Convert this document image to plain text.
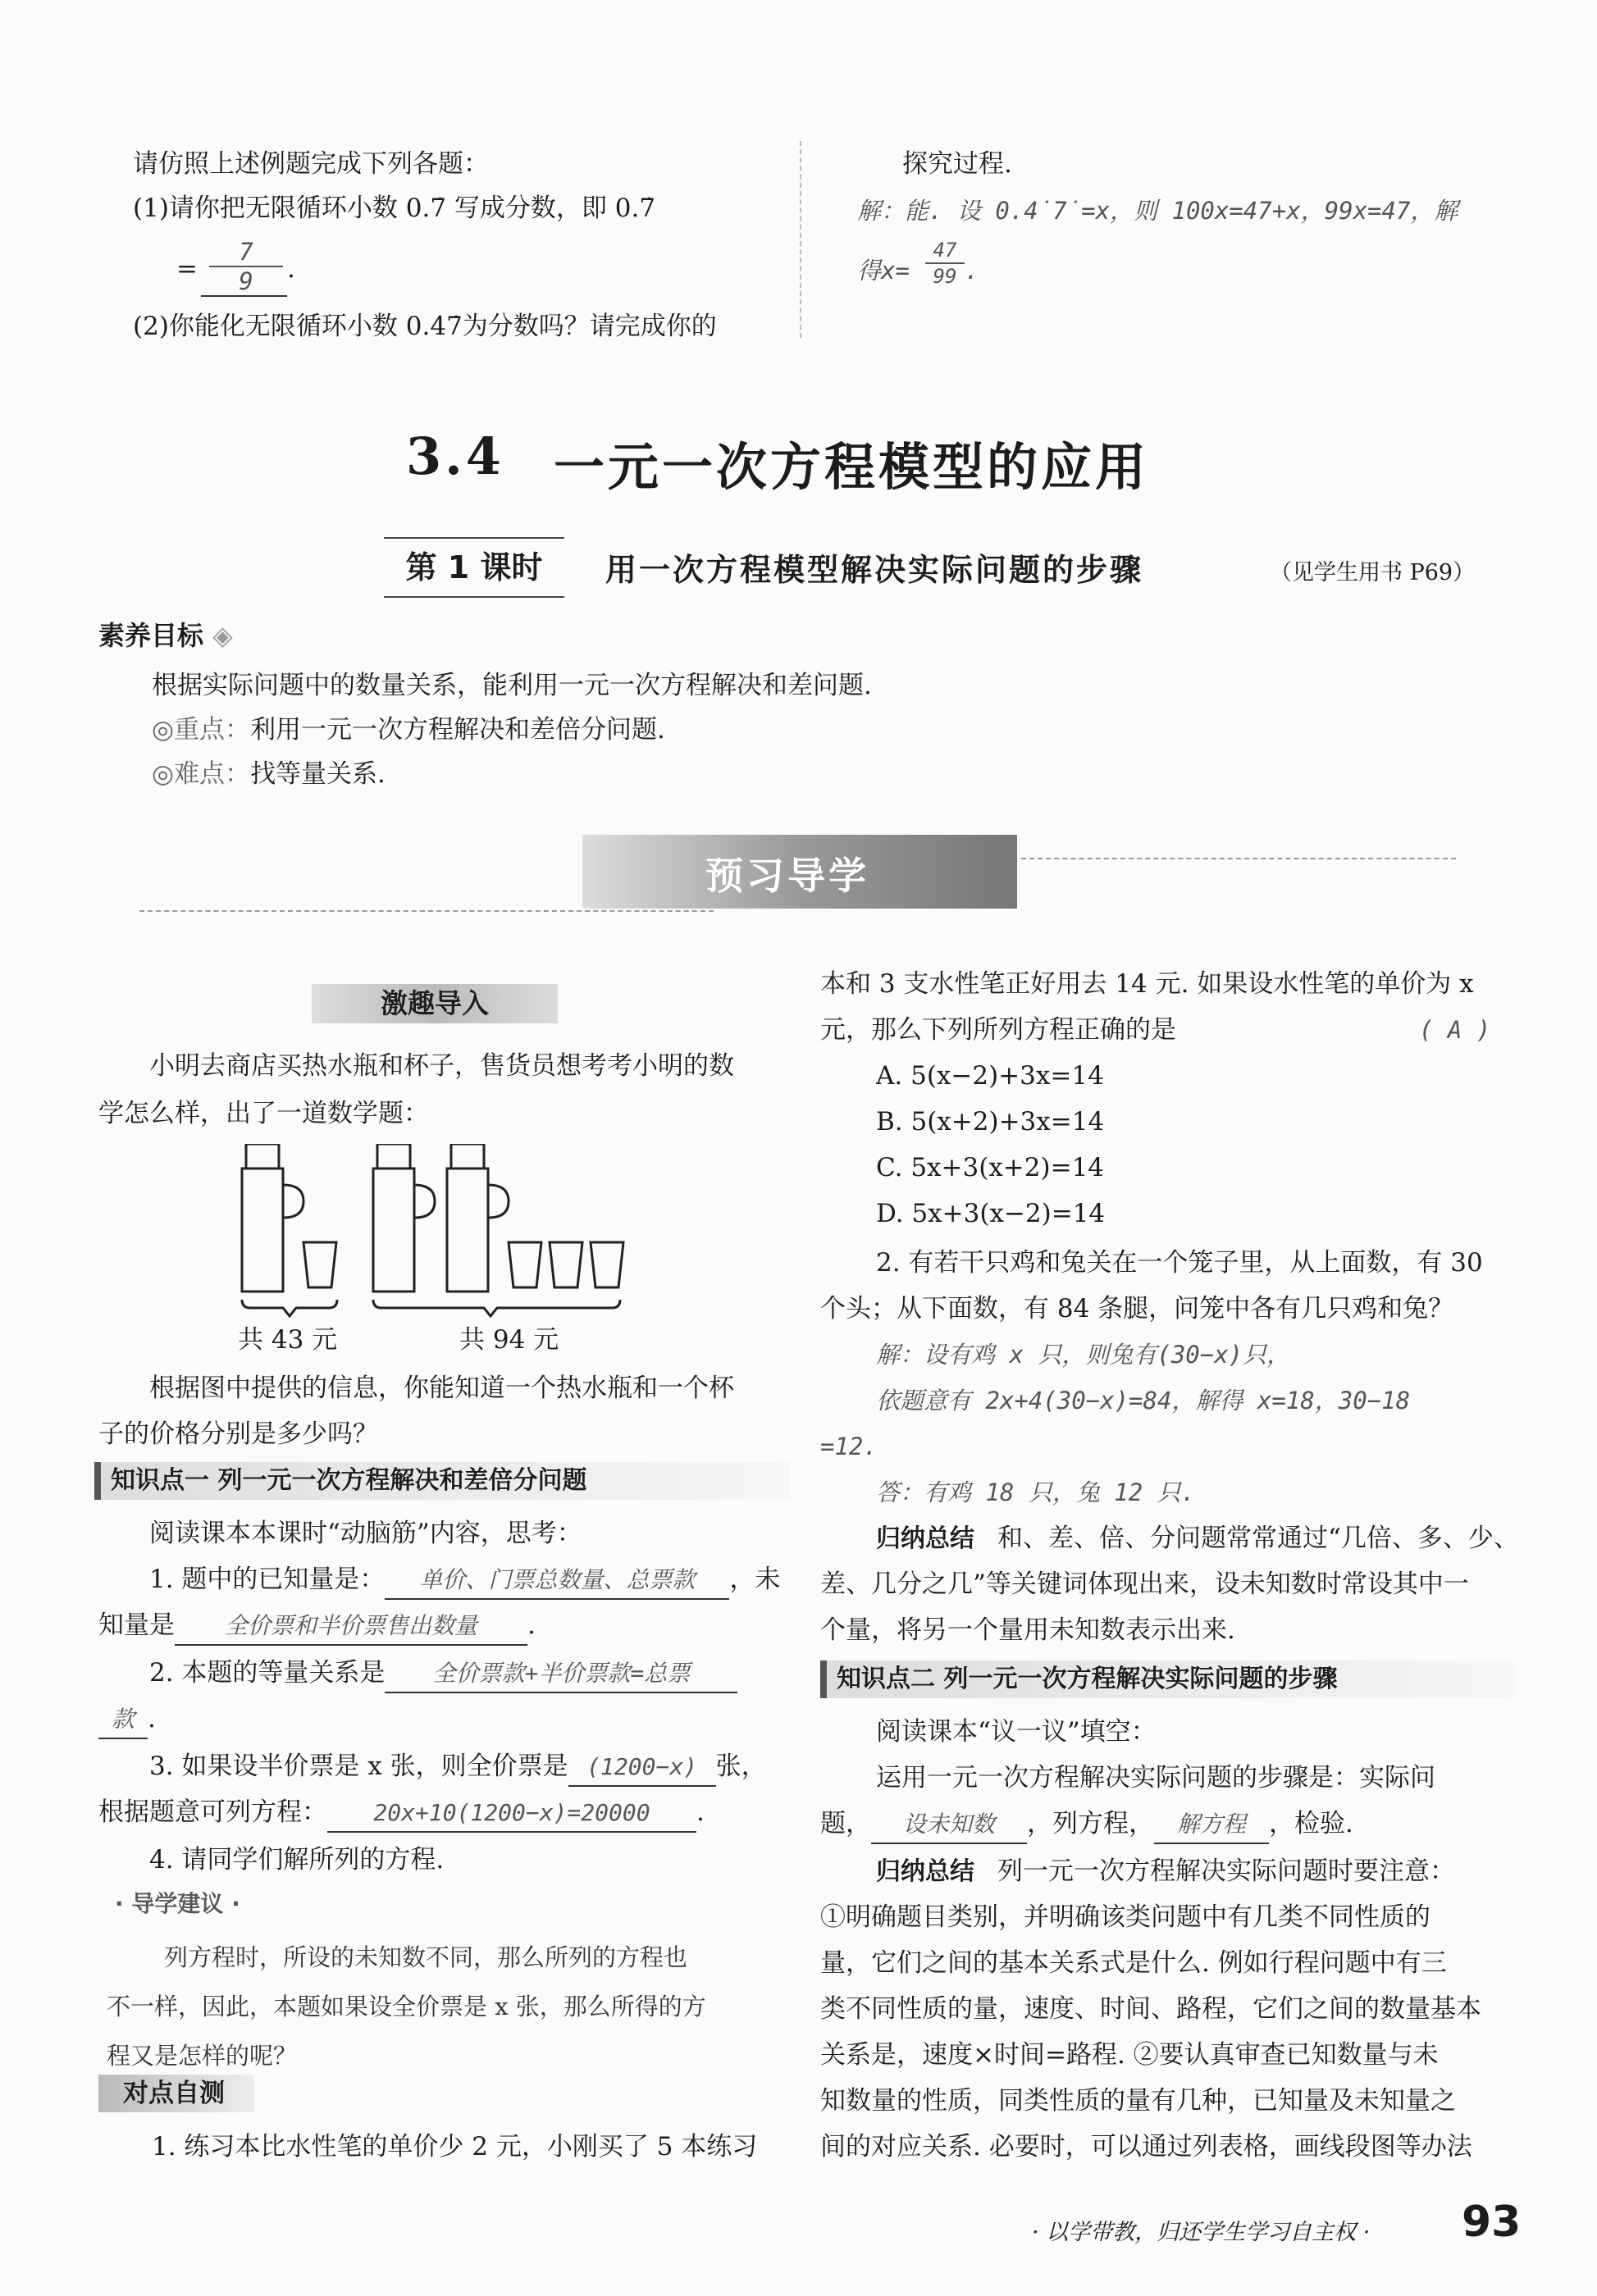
请仿照上述例题完成下列各题：
(1)请你把无限循环小数 0.7̇ 写成分数，即 0.7̇
= $\frac{7}{9}$ .
(2)你能化无限循环小数 0.4̇7̇为分数吗？请完成你的
探究过程.
解：能. 设 0.4̇7̇=x，则 100x=47+x，99x=47，解
得$x= \frac{47}{99}$ .
3.4 一元一次方程模型的应用
第 1 课时	用一次方程模型解决实际问题的步骤	（见学生用书 P69）
素养目标 ◈
根据实际问题中的数量关系，能利用一元一次方程解决和差问题.
◎重点：利用一元一次方程解决和差倍分问题.
◎难点：找等量关系.
预习导学
激趣导入
小明去商店买热水瓶和杯子，售货员想考考小明的数
学怎么样，出了一道数学题：
共 43 元	共 94 元
根据图中提供的信息，你能知道一个热水瓶和一个杯
子的价格分别是多少吗？
知识点一 列一元一次方程解决和差倍分问题
阅读课本本课时“动脑筋”内容，思考：
1. 题中的已知量是： 单价、门票总数量、总票款 ，未
知量是 全价票和半价票售出数量 .
2. 本题的等量关系是 全价票款+半价票款=总票
款 .
3. 如果设半价票是 x 张，则全价票是 (1200−x) 张，
根据题意可列方程： 20x+10(1200−x)=20000 .
4. 请同学们解所列的方程.
· 导学建议 ·
列方程时，所设的未知数不同，那么所列的方程也
不一样，因此，本题如果设全价票是 x 张，那么所得的方
程又是怎样的呢？
对点自测
1. 练习本比水性笔的单价少 2 元，小刚买了 5 本练习
本和 3 支水性笔正好用去 14 元. 如果设水性笔的单价为 x
元，那么下列所列方程正确的是	( A )
A. 5(x−2)+3x=14
B. 5(x+2)+3x=14
C. 5x+3(x+2)=14
D. 5x+3(x−2)=14
2. 有若干只鸡和兔关在一个笼子里，从上面数，有 30
个头；从下面数，有 84 条腿，问笼中各有几只鸡和兔？
解：设有鸡 x 只，则兔有(30−x)只，
依题意有 2x+4(30−x)=84，解得 x=18，30−18
=12.
答：有鸡 18 只，兔 12 只.
归纳总结 和、差、倍、分问题常常通过“几倍、多、少、
差、几分之几”等关键词体现出来，设未知数时常设其中一
个量，将另一个量用未知数表示出来.
知识点二 列一元一次方程解决实际问题的步骤
阅读课本“议一议”填空：
运用一元一次方程解决实际问题的步骤是：实际问
题， 设未知数 ，列方程， 解方程 ，检验.
归纳总结 列一元一次方程解决实际问题时要注意：
①明确题目类别，并明确该类问题中有几类不同性质的
量，它们之间的基本关系式是什么. 例如行程问题中有三
类不同性质的量，速度、时间、路程，它们之间的数量基本
关系是，速度×时间=路程. ②要认真审查已知数量与未
知数量的性质，同类性质的量有几种，已知量及未知量之
间的对应关系. 必要时，可以通过列表格，画线段图等办法
· 以学带教，归还学生学习自主权 · 93
